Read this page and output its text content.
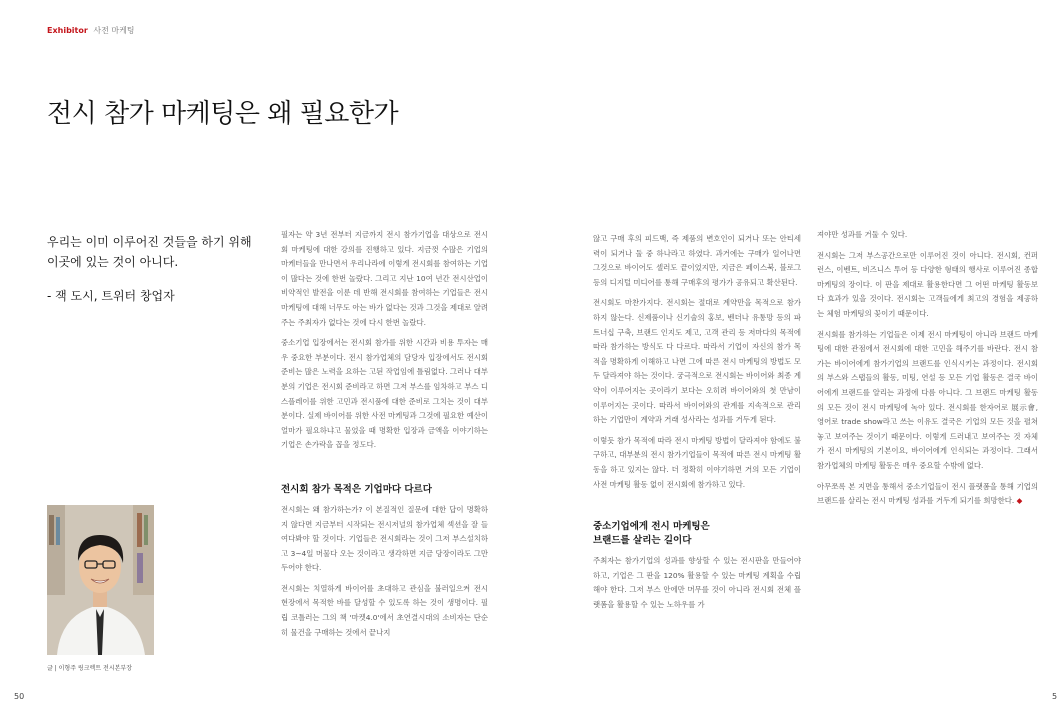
Exhibitor 사전 마케팅
전시 참가 마케팅은 왜 필요한가
우리는 이미 이루어진 것들을 하기 위해
이곳에 있는 것이 아니다.
- 잭 도시, 트위터 창업자
글 | 이형주 링크렉트 전시본부장

필자는 약 3년 전부터 지금까지 전시 참가기업을 대상으로 전시회 마케팅에 대한 강의를 진행하고 있다. 지금껏 수많은 기업의 마케터들을 만나면서 우리나라에 이렇게 전시회를 참여하는 기업이 많다는 것에 한번 놀랐다. 그리고 지난 10여 년간 전시산업이 비약적인 발전을 이룬 데 반해 전시회를 참여하는 기업들은 전시 마케팅에 대해 너무도 아는 바가 없다는 것과 그것을 제대로 알려주는 주최자가 없다는 것에 다시 한번 놀랐다.

중소기업 입장에서는 전시회 참가를 위한 시간과 비용 투자는 매우 중요한 부분이다. 전시 참가업체의 담당자 입장에서도 전시회 준비는 많은 노력을 요하는 고된 작업임에 틀림없다. 그러나 대부분의 기업은 전시회 준비라고 하면 그저 부스를 임차하고 부스 디스플레이를 위한 고민과 전시품에 대한 준비로 그치는 것이 대부분이다. 실제 바이어를 위한 사전 마케팅과 그것에 필요한 예산이 얼마가 필요하냐고 물었을 때 명확한 입장과 금액을 이야기하는 기업은 손가락을 꼽을 정도다.

전시회 참가 목적은 기업마다 다르다

전시회는 왜 참가하는가? 이 본질적인 질문에 대한 답이 명확하지 않다면 지금부터 시작되는 전시저널의 참가업체 섹션을 잘 들여다봐야 할 것이다. 기업들은 전시회라는 것이 그저 부스설치하고 3~4일 머물다 오는 것이라고 생각하면 지금 당장이라도 그만두어야 한다.

전시회는 치열하게 바이어를 초대하고 관심을 불러일으켜 전시 현장에서 목적한 바를 달성할 수 있도록 하는 것이 생명이다. 필립 코틀러는 그의 책 '마켓4.0'에서 초연결시대의 소비자는 단순히 물건을 구매하는 것에서 끝나지

않고 구매 후의 피드백, 즉 제품의 변호인이 되거나 또는 안티세력이 되거나 둘 중 하나라고 하였다. 과거에는 구매가 일어나면 그것으로 바이어도 셀러도 끝이었지만, 지금은 페이스북, 블로그 등의 디지털 미디어를 통해 구매후의 평가가 공유되고 확산된다.

전시회도 마찬가지다. 전시회는 절대로 계약만을 목적으로 참가하지 않는다. 신제품이나 신기술의 홍보, 벤더나 유통망 등의 파트너십 구축, 브랜드 인지도 제고, 고객 관리 등 저마다의 목적에 따라 참가하는 방식도 다 다르다. 따라서 기업이 자신의 참가 목적을 명확하게 이해하고 나면 그에 따른 전시 마케팅의 방법도 모두 달라져야 하는 것이다. 궁극적으로 전시회는 바이어와 최종 계약이 이루어지는 곳이라기 보다는 오히려 바이어와의 첫 만남이 이루어지는 곳이다. 따라서 바이어와의 관계를 지속적으로 관리하는 기업만이 계약과 거래 성사라는 성과를 거두게 된다.

이렇듯 참가 목적에 따라 전시 마케팅 방법이 달라져야 함에도 불구하고, 대부분의 전시 참가기업들이 목적에 따른 전시 마케팅 활동을 하고 있지는 않다. 더 정확히 이야기하면 거의 모든 기업이 사전 마케팅 활동 없이 전시회에 참가하고 있다.

중소기업에게 전시 마케팅은
브랜드를 살리는 길이다

주최자는 참가기업의 성과를 향상할 수 있는 전시판을 만들어야 하고, 기업은 그 판을 120% 활용할 수 있는 마케팅 계획을 수립해야 한다. 그저 부스 안에만 머무를 것이 아니라 전시회 전체 플랫폼을 활용할 수 있는 노하우를 가

져야만 성과를 거둘 수 있다.

전시회는 그저 부스공간으로만 이루어진 것이 아니다. 전시회, 컨퍼런스, 이벤트, 비즈니스 투어 등 다양한 형태의 행사로 이루어진 종합 마케팅의 장이다. 이 판을 제대로 활용한다면 그 어떤 마케팅 활동보다 효과가 있을 것이다. 전시회는 고객들에게 최고의 경험을 제공하는 체험 마케팅의 꽃이기 때문이다.

전시회를 참가하는 기업들은 이제 전시 마케팅이 아니라 브랜드 마케팅에 대한 관점에서 전시회에 대한 고민을 해주기를 바란다. 전시 참가는 바이어에게 참가기업의 브랜드를 인식시키는 과정이다. 전시회의 부스와 스탭들의 활동, 미팅, 연설 등 모든 기업 활동은 결국 바이어에게 브랜드를 알리는 과정에 다름 아니다. 그 브랜드 마케팅 활동의 모든 것이 전시 마케팅에 녹아 있다. 전시회를 한자어로 展示會, 영어로 trade show라고 쓰는 이유도 결국은 기업의 모든 것을 펼쳐놓고 보여주는 것이기 때문이다. 이렇게 드러내고 보여주는 것 자체가 전시 마케팅의 기본이요, 바이어에게 인식되는 과정이다. 그래서 참가업체의 마케팅 활동은 매우 중요할 수밖에 없다.

아무쪼록 본 지면을 통해서 중소기업들이 전시 플랫폼을 통해 기업의 브랜드를 살리는 전시 마케팅 성과를 거두게 되기를 희망한다. ◆

50	5
